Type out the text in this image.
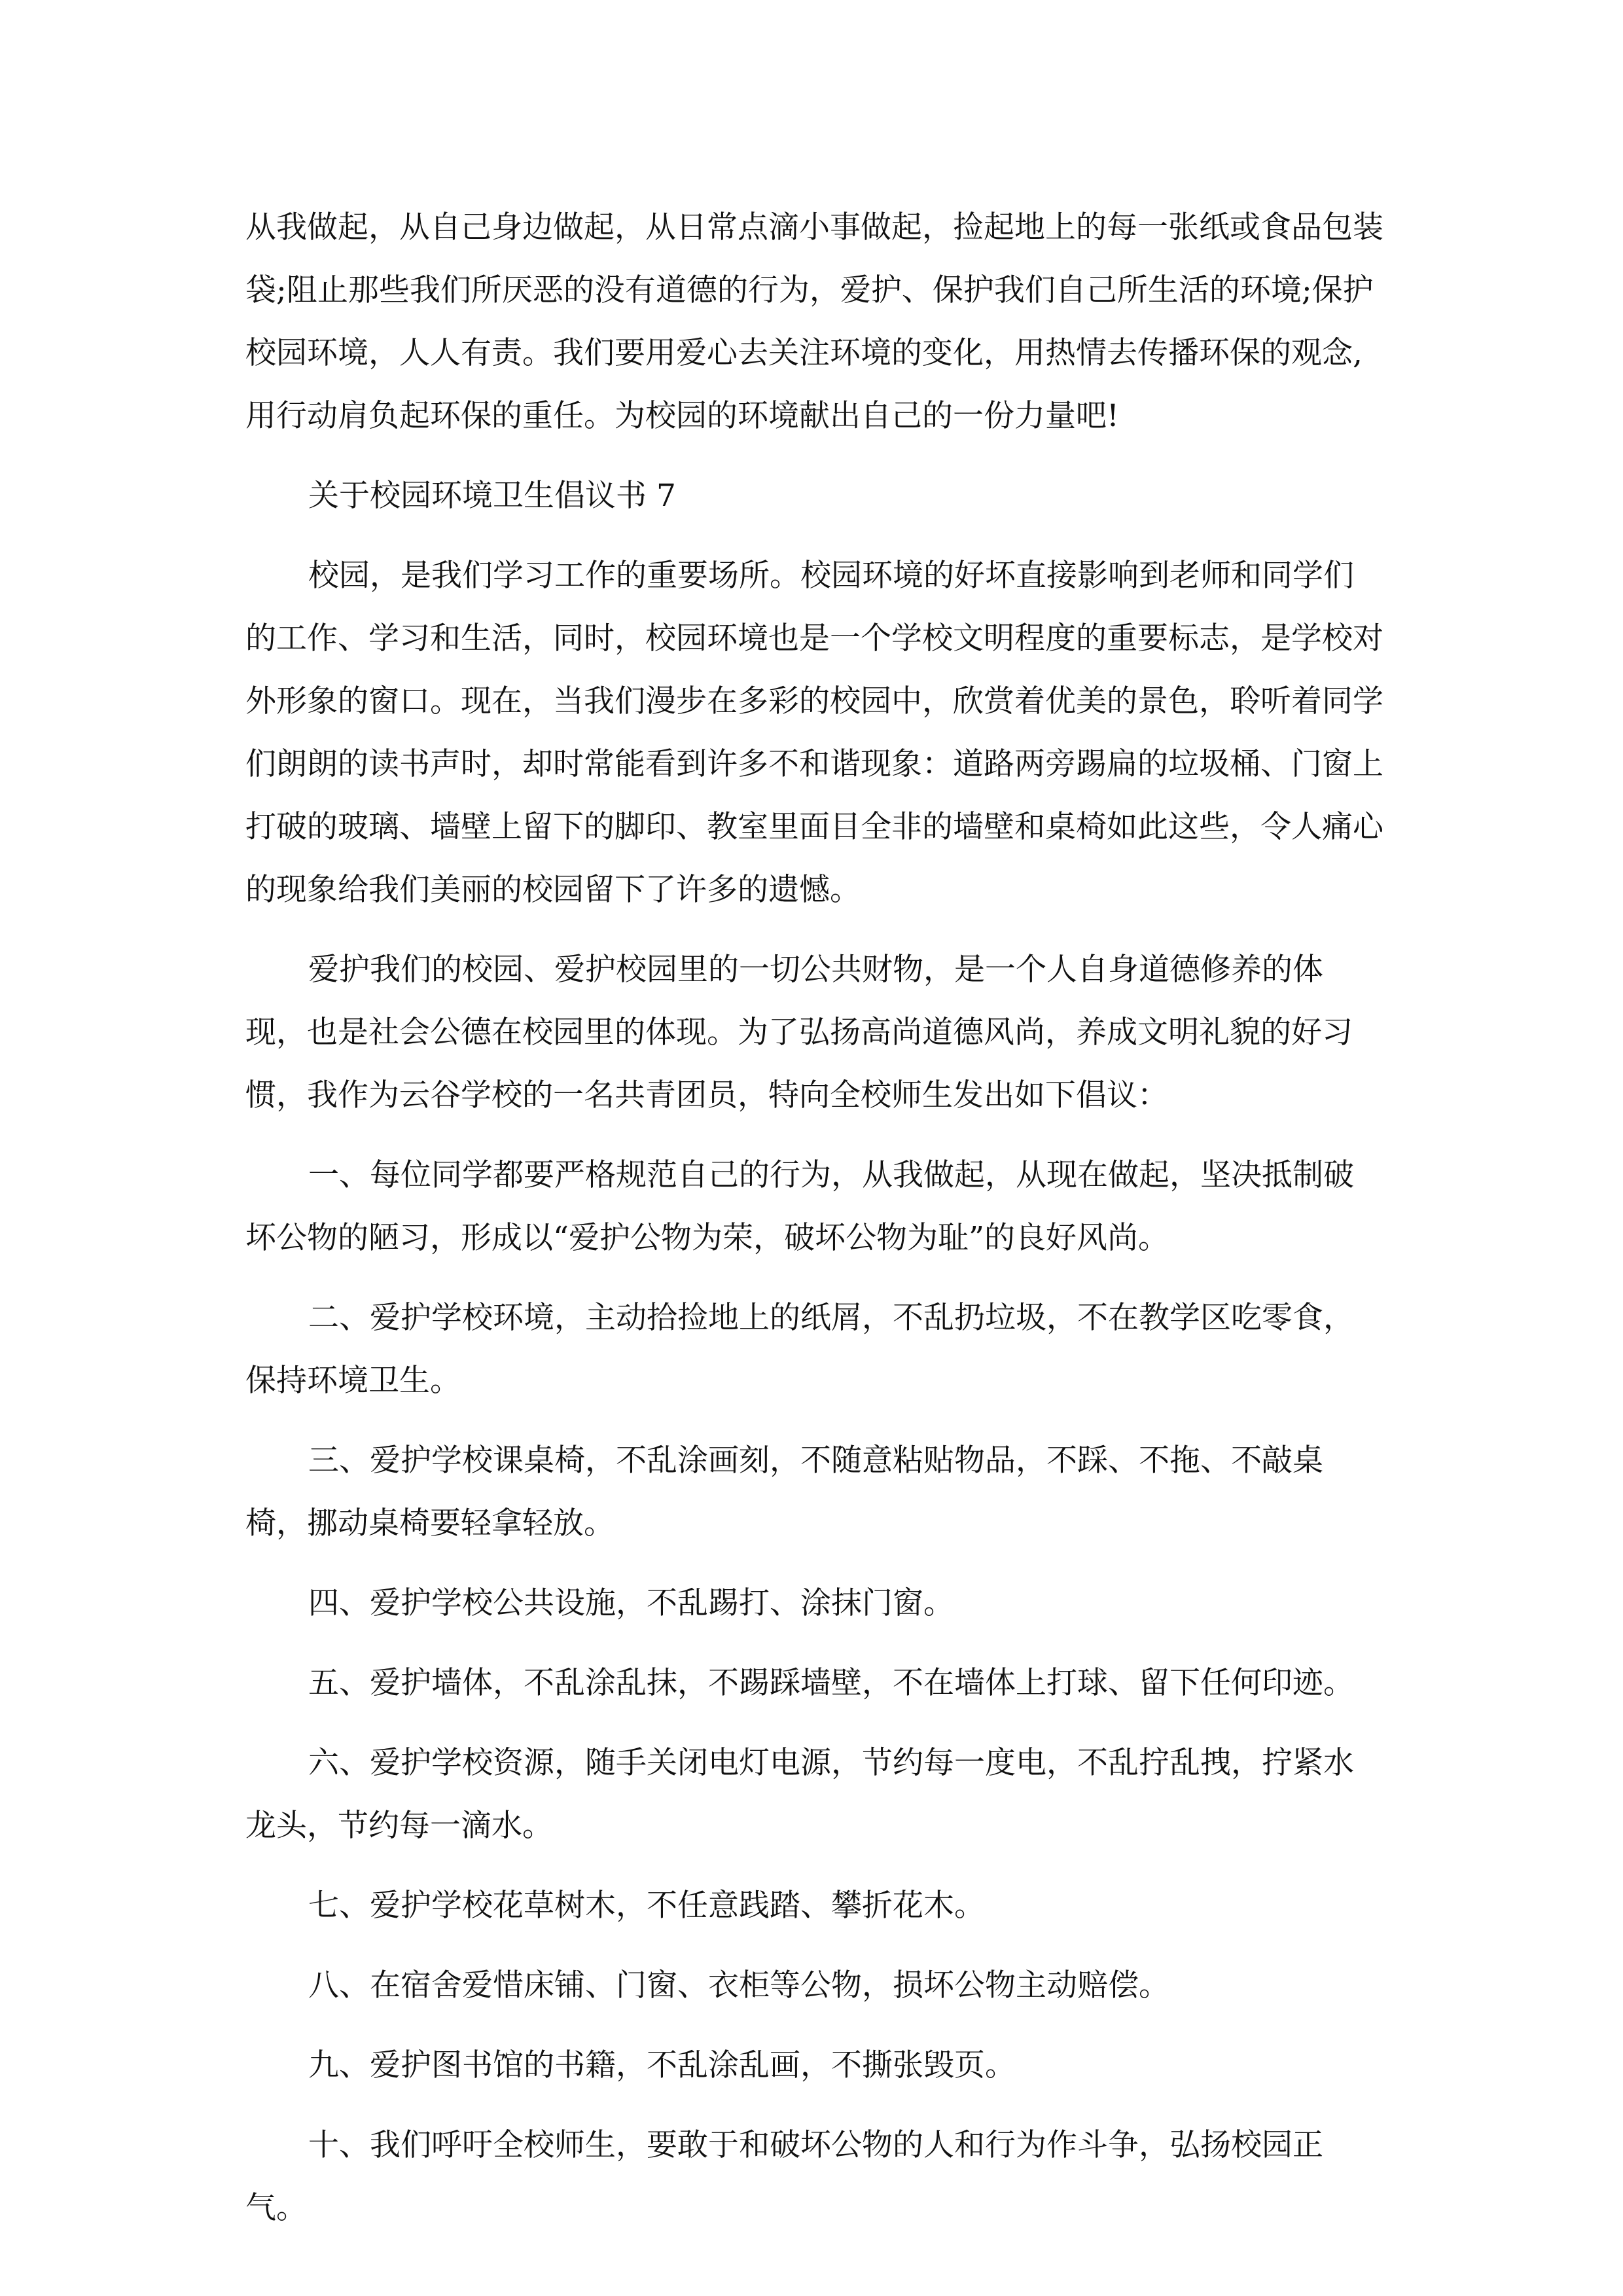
从我做起，从自己身边做起，从日常点滴小事做起，捡起地上的每一张纸或食品包装袋;阻止那些我们所厌恶的没有道德的行为，爱护、保护我们自己所生活的环境;保护校园环境，人人有责。我们要用爱心去关注环境的变化，用热情去传播环保的观念,用行动肩负起环保的重任。为校园的环境献出自己的一份力量吧!

关于校园环境卫生倡议书 7

校园，是我们学习工作的重要场所。校园环境的好坏直接影响到老师和同学们的工作、学习和生活，同时，校园环境也是一个学校文明程度的重要标志，是学校对外形象的窗口。现在，当我们漫步在多彩的校园中，欣赏着优美的景色，聆听着同学们朗朗的读书声时，却时常能看到许多不和谐现象：道路两旁踢扁的垃圾桶、门窗上打破的玻璃、墙壁上留下的脚印、教室里面目全非的墙壁和桌椅如此这些，令人痛心的现象给我们美丽的校园留下了许多的遗憾。

爱护我们的校园、爱护校园里的一切公共财物，是一个人自身道德修养的体现，也是社会公德在校园里的体现。为了弘扬高尚道德风尚，养成文明礼貌的好习惯，我作为云谷学校的一名共青团员，特向全校师生发出如下倡议：

一、每位同学都要严格规范自己的行为，从我做起，从现在做起，坚决抵制破坏公物的陋习，形成以“爱护公物为荣，破坏公物为耻”的良好风尚。

二、爱护学校环境，主动拾捡地上的纸屑，不乱扔垃圾，不在教学区吃零食，保持环境卫生。

三、爱护学校课桌椅，不乱涂画刻，不随意粘贴物品，不踩、不拖、不敲桌椅，挪动桌椅要轻拿轻放。

四、爱护学校公共设施，不乱踢打、涂抹门窗。

五、爱护墙体，不乱涂乱抹，不踢踩墙壁，不在墙体上打球、留下任何印迹。

六、爱护学校资源，随手关闭电灯电源，节约每一度电，不乱拧乱拽，拧紧水龙头，节约每一滴水。

七、爱护学校花草树木，不任意践踏、攀折花木。

八、在宿舍爱惜床铺、门窗、衣柜等公物，损坏公物主动赔偿。

九、爱护图书馆的书籍，不乱涂乱画，不撕张毁页。

十、我们呼吁全校师生，要敢于和破坏公物的人和行为作斗争，弘扬校园正气。
